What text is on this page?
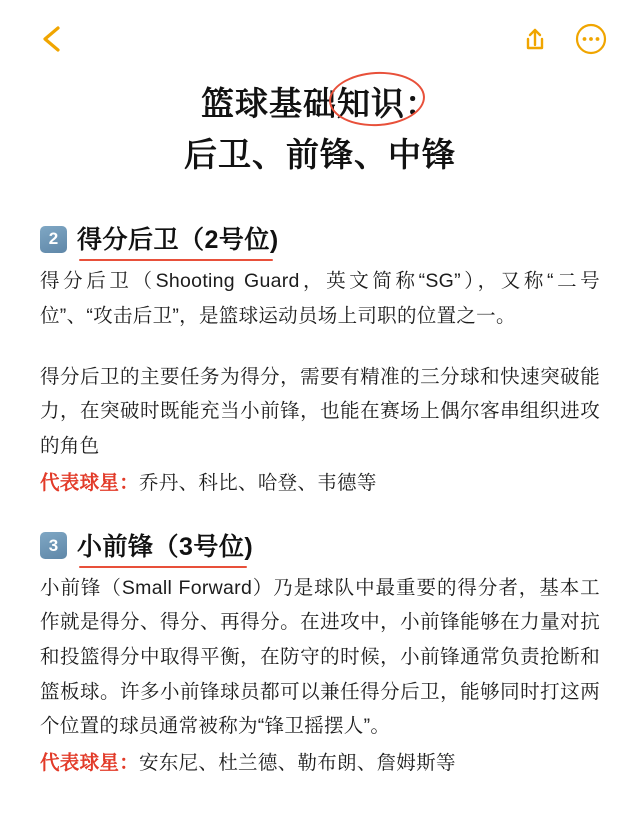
篮球基础知识：
后卫、前锋、中锋
2 得分后卫（2号位)

得分后卫（Shooting Guard，英文简称“SG”），又称“二号位”、“攻击后卫”，是篮球运动员场上司职的位置之一。

得分后卫的主要任务为得分，需要有精准的三分球和快速突破能力，在突破时既能充当小前锋，也能在赛场上偶尔客串组织进攻的角色

代表球星：乔丹、科比、哈登、韦德等
3 小前锋（3号位)

小前锋（Small Forward）乃是球队中最重要的得分者，基本工作就是得分、得分、再得分。在进攻中，小前锋能够在力量对抗和投篮得分中取得平衡，在防守的时候，小前锋通常负责抢断和篮板球。许多小前锋球员都可以兼任得分后卫，能够同时打这两个位置的球员通常被称为“锋卫摇摆人”。

代表球星：安东尼、杜兰德、勒布朗、詹姆斯等
